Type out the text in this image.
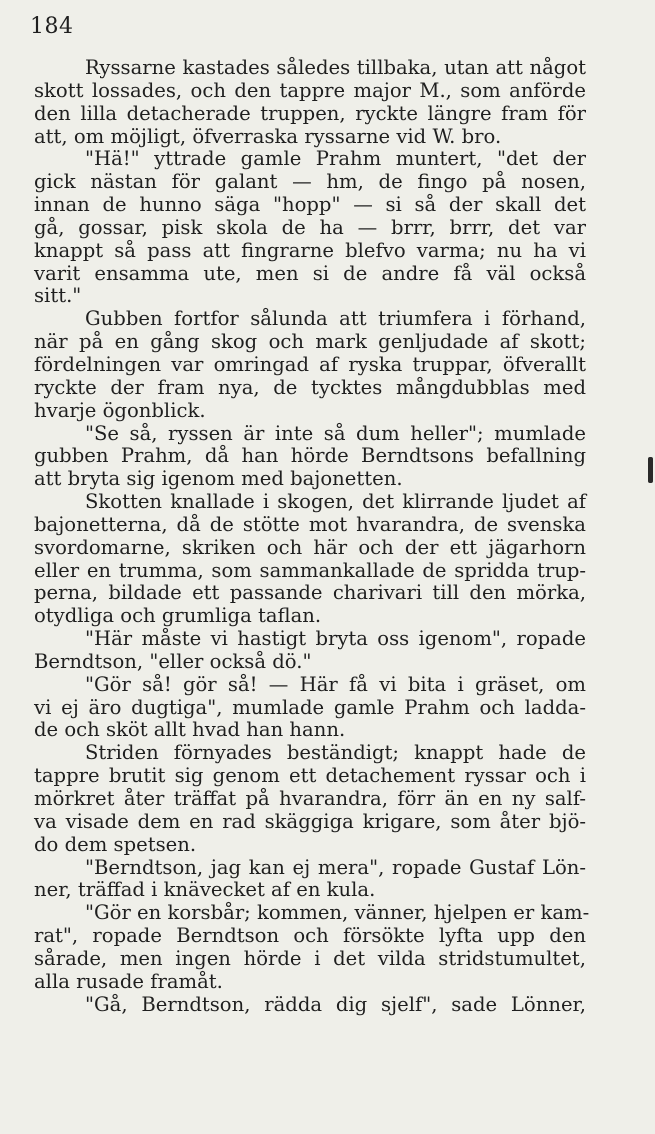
184
Ryssarne kastades således tillbaka, utan att något
skott lossades, och den tappre major M., som anförde
den lilla detacherade truppen, ryckte längre fram för
att, om möjligt, öfverraska ryssarne vid W. bro.
"Hä!" yttrade gamle Prahm muntert, "det der
gick nästan för galant — hm, de fingo på nosen,
innan de hunno säga "hopp" — si så der skall det
gå, gossar, pisk skola de ha — brrr, brrr, det var
knappt så pass att fingrarne blefvo varma; nu ha vi
varit ensamma ute, men si de andre få väl också
sitt."
Gubben fortfor sålunda att triumfera i förhand,
när på en gång skog och mark genljudade af skott;
fördelningen var omringad af ryska truppar, öfverallt
ryckte der fram nya, de tycktes mångdubblas med
hvarje ögonblick.
"Se så, ryssen är inte så dum heller"; mumlade
gubben Prahm, då han hörde Berndtsons befallning
att bryta sig igenom med bajonetten.
Skotten knallade i skogen, det klirrande ljudet af
bajonetterna, då de stötte mot hvarandra, de svenska
svordomarne, skriken och här och der ett jägarhorn
eller en trumma, som sammankallade de spridda trup-
perna, bildade ett passande charivari till den mörka,
otydliga och grumliga taflan.
"Här måste vi hastigt bryta oss igenom", ropade
Berndtson, "eller också dö."
"Gör så! gör så! — Här få vi bita i gräset, om
vi ej äro dugtiga", mumlade gamle Prahm och ladda-
de och sköt allt hvad han hann.
Striden förnyades beständigt; knappt hade de
tappre brutit sig genom ett detachement ryssar och i
mörkret åter träffat på hvarandra, förr än en ny salf-
va visade dem en rad skäggiga krigare, som åter bjö-
do dem spetsen.
"Berndtson, jag kan ej mera", ropade Gustaf Lön-
ner, träffad i knävecket af en kula.
"Gör en korsbår; kommen, vänner, hjelpen er kam-
rat", ropade Berndtson och försökte lyfta upp den
sårade, men ingen hörde i det vilda stridstumultet,
alla rusade framåt.
"Gå, Berndtson, rädda dig sjelf", sade Lönner,
